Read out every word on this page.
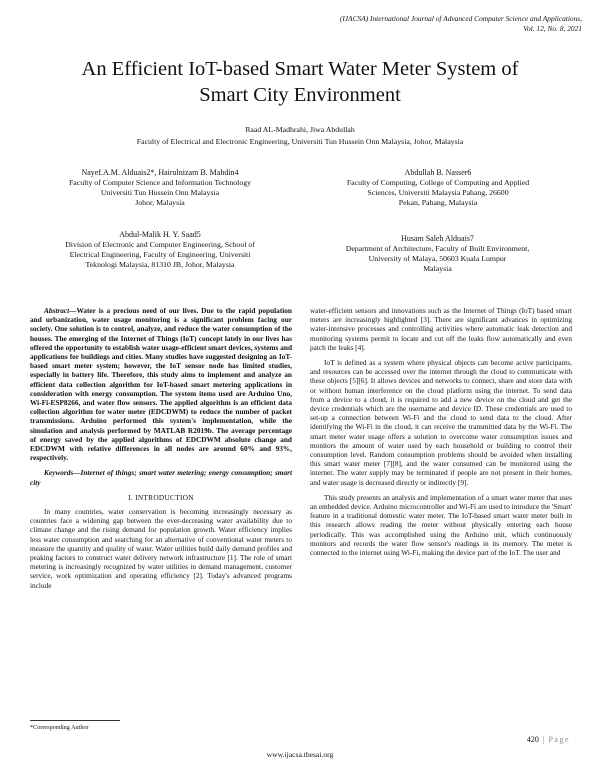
(IJACSA) International Journal of Advanced Computer Science and Applications,
Vol. 12, No. 8, 2021
An Efficient IoT-based Smart Water Meter System of
Smart City Environment
Raad AL-Madhrahi, Jiwa Abdullah
Faculty of Electrical and Electronic Engineering, Universiti Tun Hussein Onn Malaysia, Johor, Malaysia
Nayef.A.M. Alduais2*, Hairulnizam B. Mahdin4
Faculty of Computer Science and Information Technology
Universiti Tun Hussein Onn Malaysia
Johor, Malaysia
Abdullah B. Nasser6
Faculty of Computing, College of Computing and Applied
Sciences, Universiti Malaysia Pahang, 26600
Pekan, Pahang, Malaysia
Abdul-Malik H. Y. Saad5
Division of Electronic and Computer Engineering, School of
Electrical Engineering, Faculty of Engineering, Universiti
Teknologi Malaysia, 81310 JB, Johor, Malaysia
Husam Saleh Alduais7
Department of Architecture, Faculty of Built Environment,
University of Malaya, 50603 Kuala Lumpur
Malaysia

Abstract—Water is a precious need of our lives. Due to the rapid population and urbanization, water usage monitoring is a significant problem facing our society. One solution is to control, analyze, and reduce the water consumption of the houses. The emerging of the Internet of Things (IoT) concept lately in our lives has offered the opportunity to establish water usage-efficient smart devices, systems and applications for buildings and cities. Many studies have suggested designing an IoT-based smart meter system; however, the IoT sensor node has limited studies, especially in battery life. Therefore, this study aims to implement and analyze an efficient data collection algorithm for IoT-based smart metering applications in consideration with energy consumption. The system items used are Arduino Uno, Wi-Fi-ESP8266, and water flow sensors. The applied algorithm is an efficient data collection algorithm for water meter (EDCDWM) to reduce the number of packet transmissions. Arduino performed this system's implementation, while the simulation and analysis performed by MATLAB R2019b. The average percentage of energy saved by the applied algorithms of EDCDWM absolute change and EDCDWM with relative differences in all nodes are around 60% and 93%, respectively.

Keywords—Internet of things; smart water metering; energy consumption; smart city

I. INTRODUCTION

In many countries, water conservation is becoming increasingly necessary as countries face a widening gap between the ever-decreasing water availability due to climate change and the rising demand for population growth. Water efficiency implies less water consumption and searching for an alternative of conventional water meters to measure the quantity and quality of water. Water utilities build daily demand profiles and peaking factors to construct water delivery network infrastructure [1]. The role of smart metering is increasingly recognized by water utilities in demand management, customer service, work optimization and operating efficiency [2]. Today's advanced programs include

water-efficient sensors and innovations such as the Internet of Things (IoT) based smart meters are increasingly highlighted [3]. There are significant advances in optimizing water-intensive processes and controlling activities where automatic leak detection and monitoring systems permit to locate and cut off the leaks flow automatically and even patch the leaks [4].

IoT is defined as a system where physical objects can become active participants, and resources can be accessed over the internet through the cloud to communicate with these objects [5][6]. It allows devices and networks to connect, share and store data with or without human interference on the cloud platform using the internet. To send data from a device to a cloud, it is required to add a new device on the cloud and get the device credentials which are the username and device ID. These credentials are used to set-up a connection between Wi-Fi and the cloud to send data to the cloud. After identifying the Wi-Fi in the cloud, it can receive the transmitted data by the Wi-Fi. The smart meter water usage offers a solution to overcome water consumption issues and monitors the amount of water used by each household or building to control their consumption level. Random consumption problems should be avoided when installing this smart water meter [7][8], and the water consumed can be monitored using the internet. The water supply may be terminated if people are not present in their homes, and water usage is decreased directly or indirectly [9].

This study presents an analysis and implementation of a smart water meter that uses an embedded device. Arduino microcontroller and Wi-Fi are used to introduce the 'Smart' feature in a traditional domestic water meter. The IoT-based smart water meter built in this research allows reading the meter without physically entering each house periodically. This was accomplished using the Arduino unit, which continuously monitors and records the water flow sensor's readings in its memory. The meter is connected to the internet using Wi-Fi, making the device part of the IoT. The user and

*Corresponding Author
420 | Page
www.ijacsa.thesai.org
